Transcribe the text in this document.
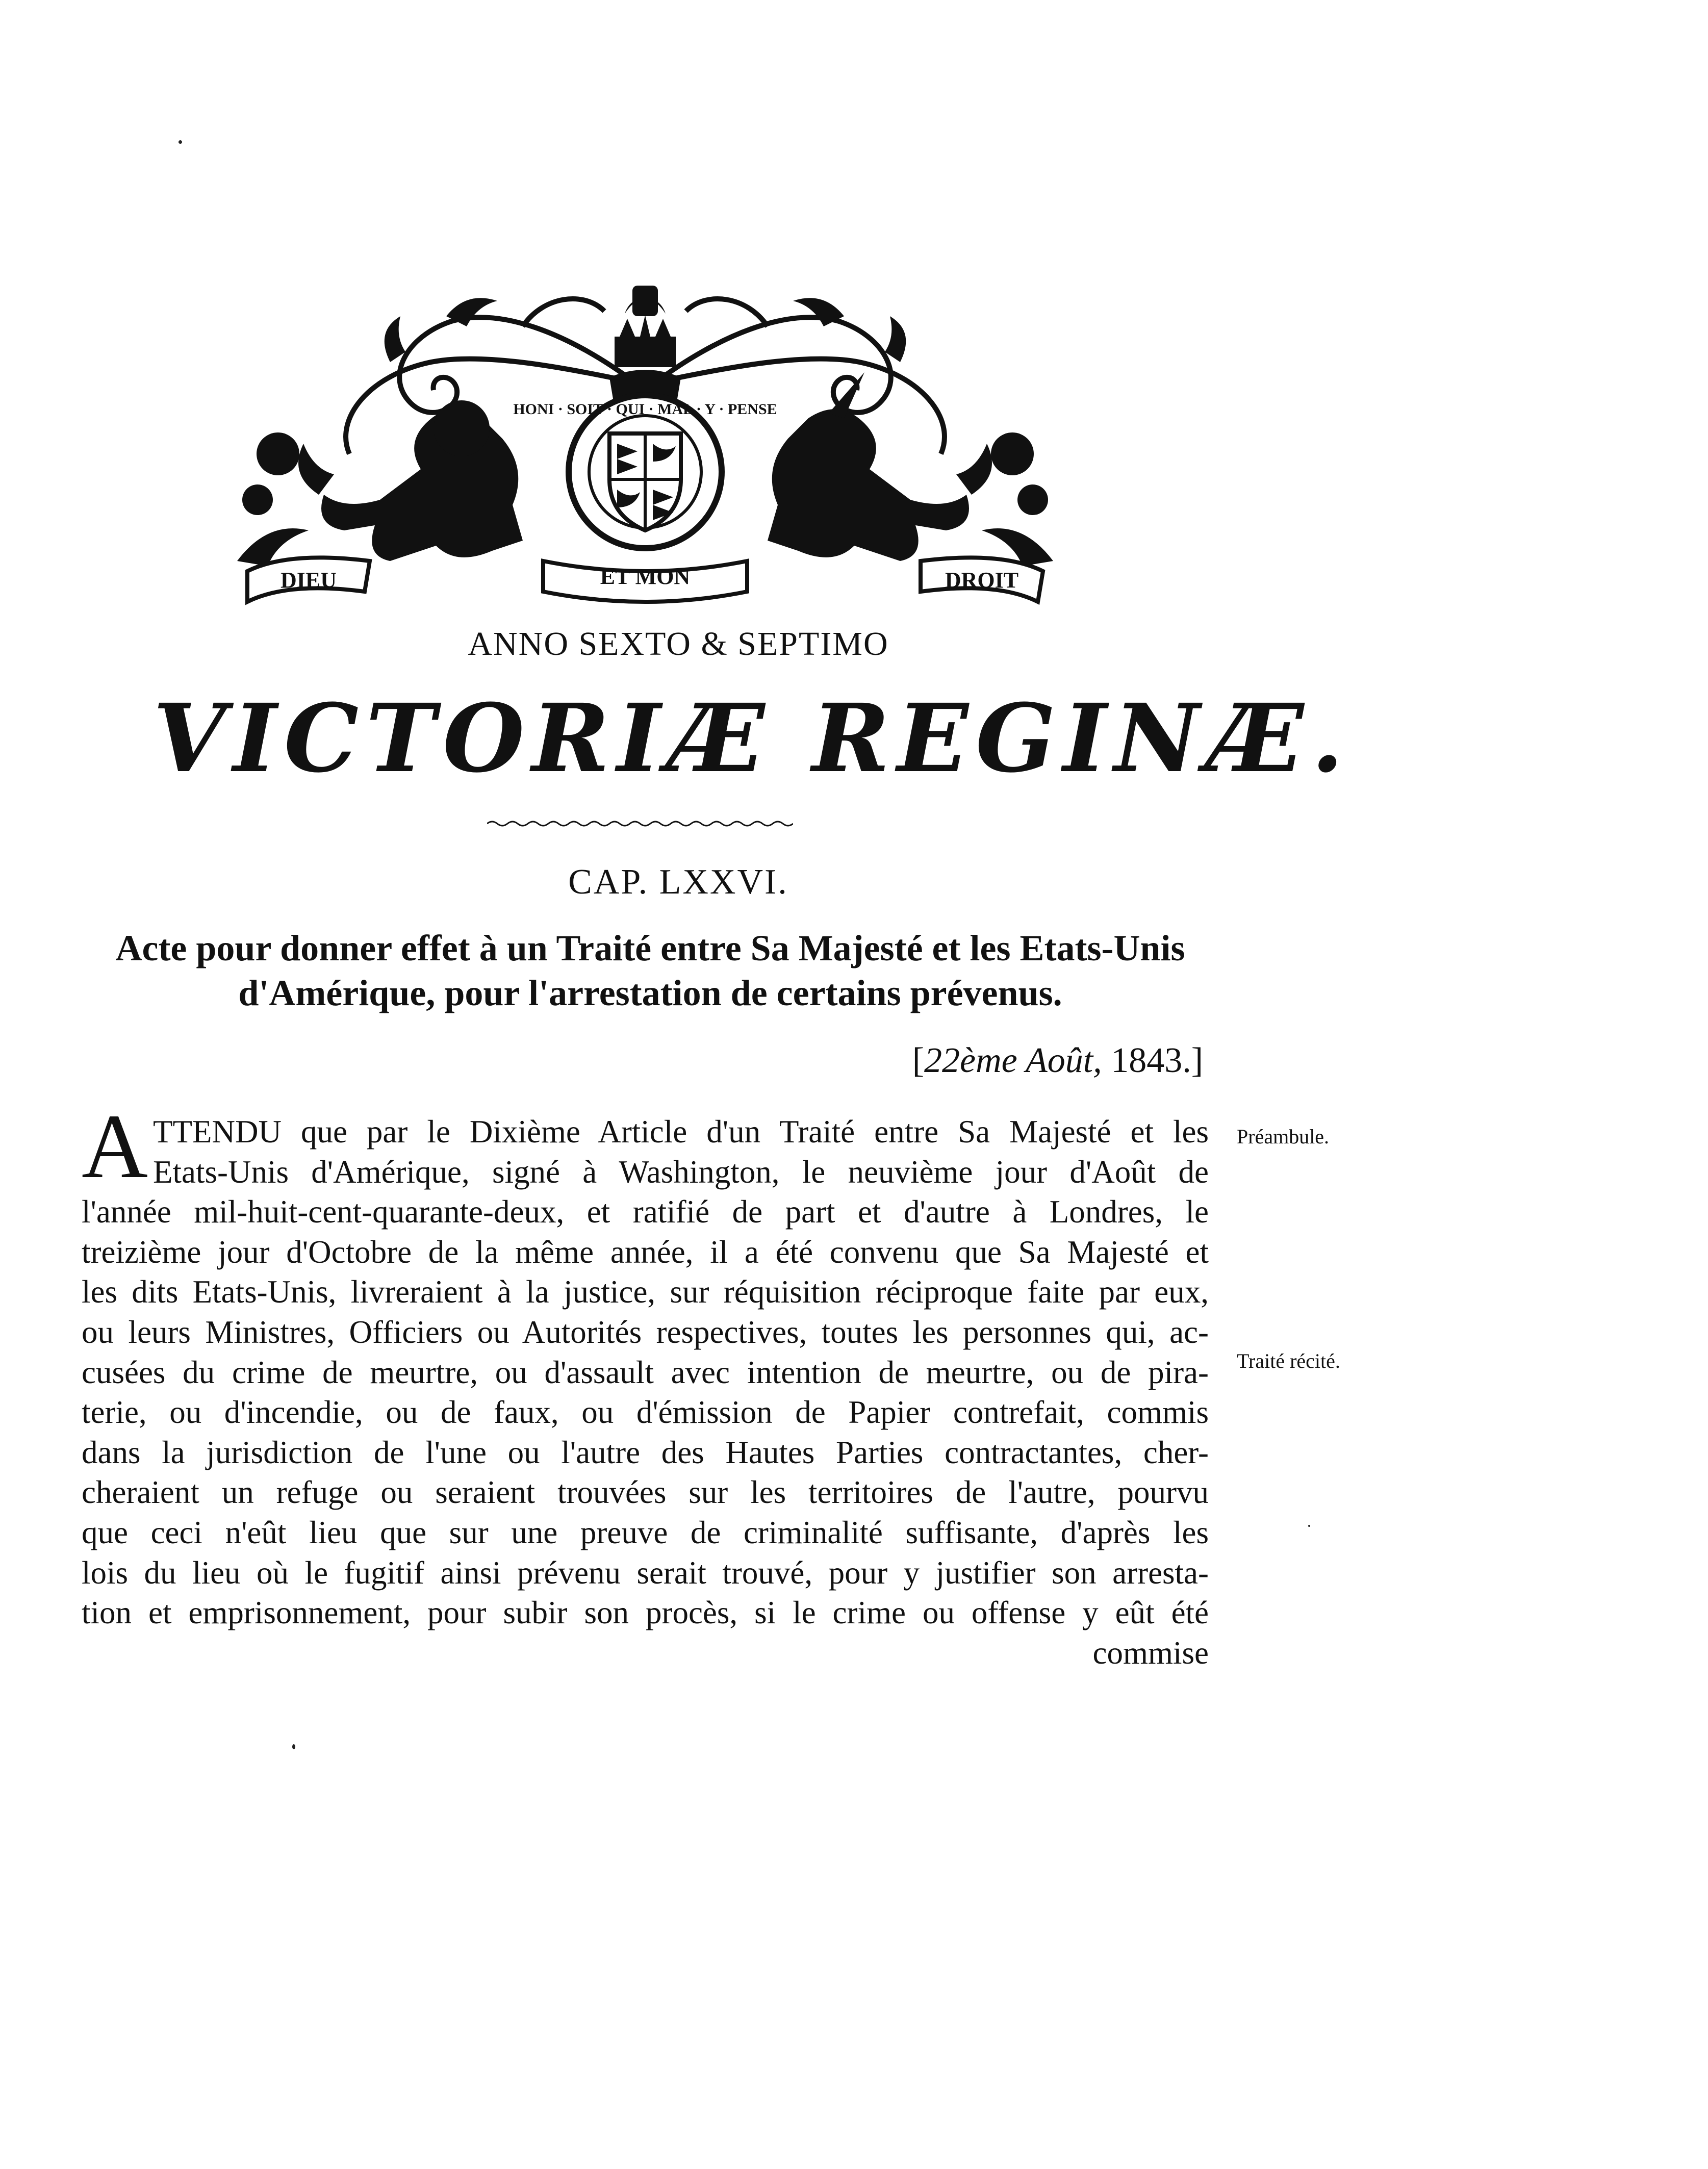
HONI · SOIT · QUI · MAL · Y · PENSE
DIEU	ET MON	DROIT
ANNO SEXTO & SEPTIMO
VICTORIÆ REGINÆ.
CAP. LXXVI.
Acte pour donner effet à un Traité entre Sa Majesté et les Etats-Unis
d'Amérique, pour l'arrestation de certains prévenus.
[22ème Août, 1843.]
A TTENDU que par le Dixième Article d'un Traité entre Sa Majesté et les
Etats-Unis d'Amérique, signé à Washington, le neuvième jour d'Août de
l'année mil-huit-cent-quarante-deux, et ratifié de part et d'autre à Londres, le
treizième jour d'Octobre de la même année, il a été convenu que Sa Majesté et
les dits Etats-Unis, livreraient à la justice, sur réquisition réciproque faite par eux,
ou leurs Ministres, Officiers ou Autorités respectives, toutes les personnes qui, ac-
cusées du crime de meurtre, ou d'assault avec intention de meurtre, ou de pira-
terie, ou d'incendie, ou de faux, ou d'émission de Papier contrefait, commis
dans la jurisdiction de l'une ou l'autre des Hautes Parties contractantes, cher-
cheraient un refuge ou seraient trouvées sur les territoires de l'autre, pourvu
que ceci n'eût lieu que sur une preuve de criminalité suffisante, d'après les
lois du lieu où le fugitif ainsi prévenu serait trouvé, pour y justifier son arresta-
tion et emprisonnement, pour subir son procès, si le crime ou offense y eût été
commise
Préambule.
Traité récité.
